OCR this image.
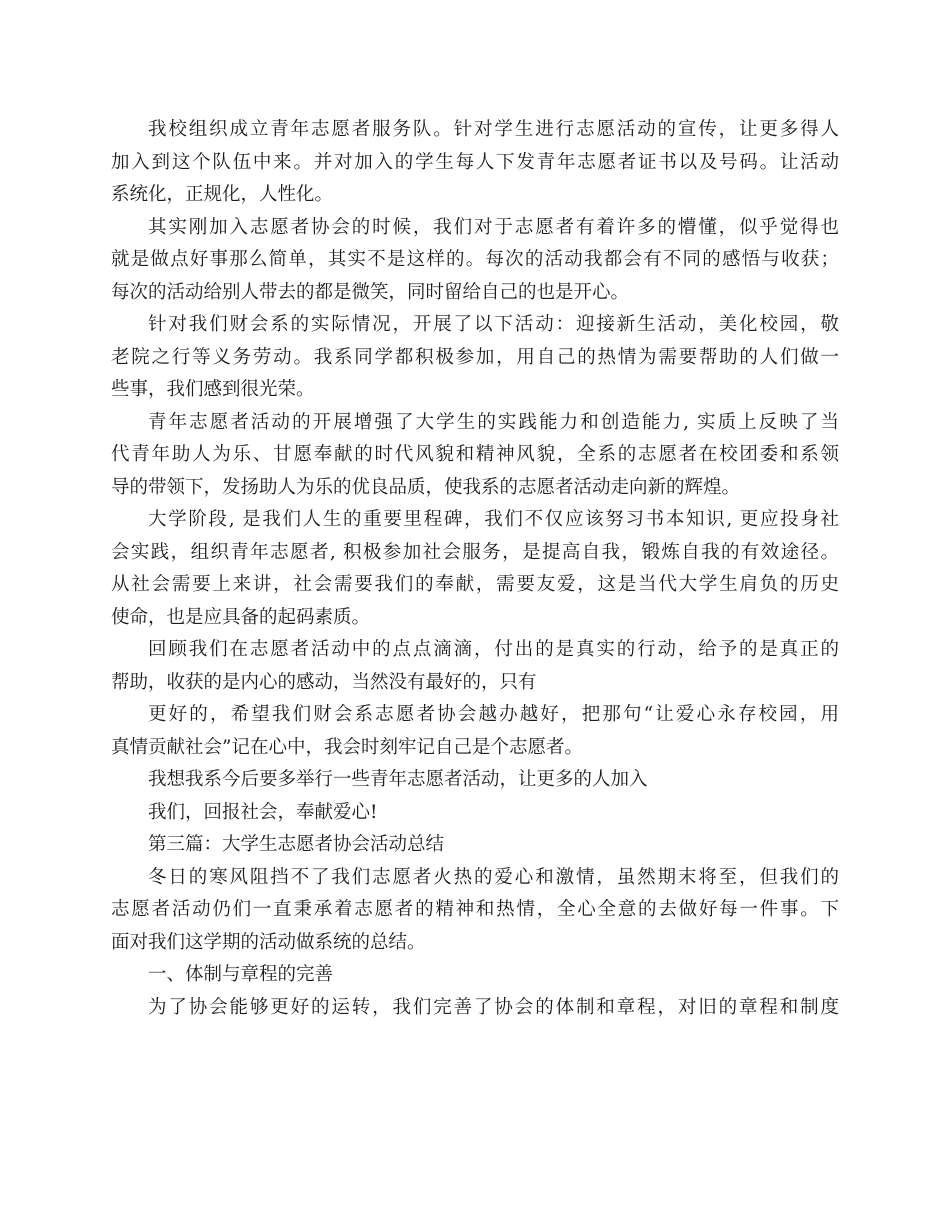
我校组织成立青年志愿者服务队。针对学生进行志愿活动的宣传，让更多得人
加入到这个队伍中来。并对加入的学生每人下发青年志愿者证书以及号码。让活动
系统化，正规化，人性化。
其实刚加入志愿者协会的时候，我们对于志愿者有着许多的懵懂，似乎觉得也
就是做点好事那么简单，其实不是这样的。每次的活动我都会有不同的感悟与收获；
每次的活动给别人带去的都是微笑，同时留给自己的也是开心。
针对我们财会系的实际情况，开展了以下活动：迎接新生活动，美化校园，敬
老院之行等义务劳动。我系同学都积极参加，用自己的热情为需要帮助的人们做一
些事，我们感到很光荣。
青年志愿者活动的开展增强了大学生的实践能力和创造能力, 实质上反映了当
代青年助人为乐、甘愿奉献的时代风貌和精神风貌，全系的志愿者在校团委和系领
导的带领下，发扬助人为乐的优良品质，使我系的志愿者活动走向新的辉煌。
大学阶段, 是我们人生的重要里程碑，我们不仅应该努习书本知识, 更应投身社
会实践，组织青年志愿者, 积极参加社会服务，是提高自我，锻炼自我的有效途径。
从社会需要上来讲，社会需要我们的奉献，需要友爱，这是当代大学生肩负的历史
使命，也是应具备的起码素质。
回顾我们在志愿者活动中的点点滴滴，付出的是真实的行动，给予的是真正的
帮助，收获的是内心的感动，当然没有最好的，只有
更好的，希望我们财会系志愿者协会越办越好，把那句“让爱心永存校园，用
真情贡献社会”记在心中，我会时刻牢记自己是个志愿者。
我想我系今后要多举行一些青年志愿者活动，让更多的人加入
我们，回报社会，奉献爱心!
第三篇：大学生志愿者协会活动总结
冬日的寒风阻挡不了我们志愿者火热的爱心和激情，虽然期末将至，但我们的
志愿者活动仍们一直秉承着志愿者的精神和热情，全心全意的去做好每一件事。下
面对我们这学期的活动做系统的总结。
一、体制与章程的完善
为了协会能够更好的运转，我们完善了协会的体制和章程，对旧的章程和制度
